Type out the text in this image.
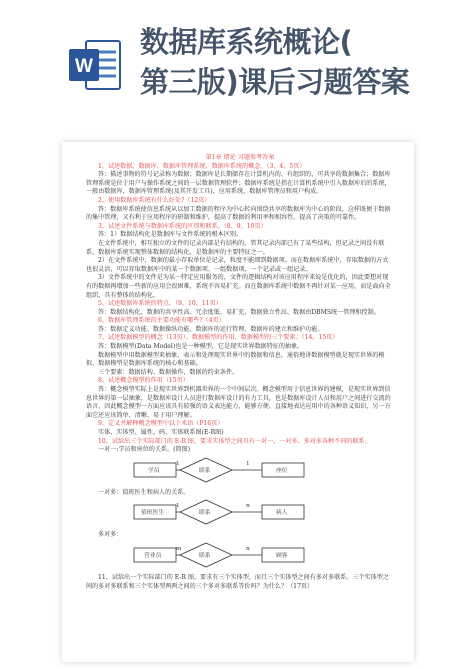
W
数据库系统概论(
第三版)课后习题答案

第1章 绪论 习题参考答案

1、试述数据、数据库、数据库管理系统、数据库系统的概念。（3、4、5页）

答：描述事物的符号记录称为数据；数据库是长期储存在计算机内的、有组织的、可共享的数据集合；数据库管理系统是位于用户与操作系统之间的一层数据管理软件；数据库系统是指在计算机系统中引入数据库后的系统，一般由数据库、数据库管理系统(及其开发工具)、应用系统、数据库管理员和用户构成。

2、使用数据库系统有什么好处?（12页）

答：数据库系统使信息系统从以加工数据的程序为中心转向围绕共享的数据库为中心的阶段，这样既便于数据的集中管理，又有利于应用程序的研制和维护，提高了数据的利用率和相容性，提高了决策的可靠性。

3、试述文件系统与数据库系统的区别和联系。（8、9、10页）

答：1）数据结构化是数据库与文件系统的根本区别。

在文件系统中，相互独立的文件的记录内部是有结构的，管其记录内部已有了某些结构，但记录之间没有联系。数据库系统实现整体数据的结构化，是数据库的主要特征之一。

2）在文件系统中，数据的最小存取单位是记录，粒度不能细到数据项。而在数据库系统中，存取数据的方式也很灵活，可以存取数据库中的某一个数据项、一组数据项、一个记录或一组记录。

3）文件系统中的文件是为某一特定应用服务的，文件的逻辑结构对该应用程序来说是优化的，因此要想对现有的数据再增加一些新的应用会很困难，系统不容易扩充。而在数据库系统中数据不再针对某一应用，而是面向全组织，具有整体的结构化。

5、试述数据库系统的特点。（9、10、11页）

答：数据结构化、数据的共享性高、冗余度低、易扩充、数据独立性高、数据由DBMS统一管理和控制。

6、数据库管理系统的主要功能有哪些?（4页）

答：数据定义功能、数据操纵功能、数据库的运行管理、数据库的建立和维护功能。

7、试述数据模型的概念（13页）、数据模型的作用、数据模型的三个要素。（14、15页）

答：数据模型(Data Model)也是一种模型，它是现实世界数据特征的抽象。

数据模型中用数据模型来抽象、表示和处理现实世界中的数据和信息。通俗地讲数据模型就是现实世界的模拟，数据模型是数据库系统的核心和基础。

三个要素：数据结构、数据操作、数据的约束条件。

8、试述概念模型的作用（15页）

答：概念模型实际上是现实世界到机器世界的一个中间层次。概念模型用于信息世界的建模，是现实世界到信息世界的第一层抽象，是数据库设计人员进行数据库设计的有力工具，也是数据库设计人员和用户之间进行交流的语言，因此概念模型一方面应该具有较强的语义表达能力，能够方便、直接地表达应用中的各种语义知识，另一方面它还应该简单、清晰、易于用户理解。

9、定义并解释概念模型中以下术语（P16页）

实体、实体型、属性、码、实体联系图(E-R图)

10、试给出三个实际部门的 E-R 图，要求实体型之间具有一对一、一对多、多对多各种不同的联系。

一对一:学员和座位的关系。(简图)

学员	联系	座位
1	1

一对多：值班医生和病人的关系。

值班医生	联系	病人
1	n

多对多：

营业员	联系	顾客
m	n

11、试给出一个实际部门的 E-R 图，要求有三个实体型，而且三个实体型之间有多对多联系。三个实体型之间的多对多联系和三个实体型两两之间的三个多对多联系等价吗？为什么？（17页）
